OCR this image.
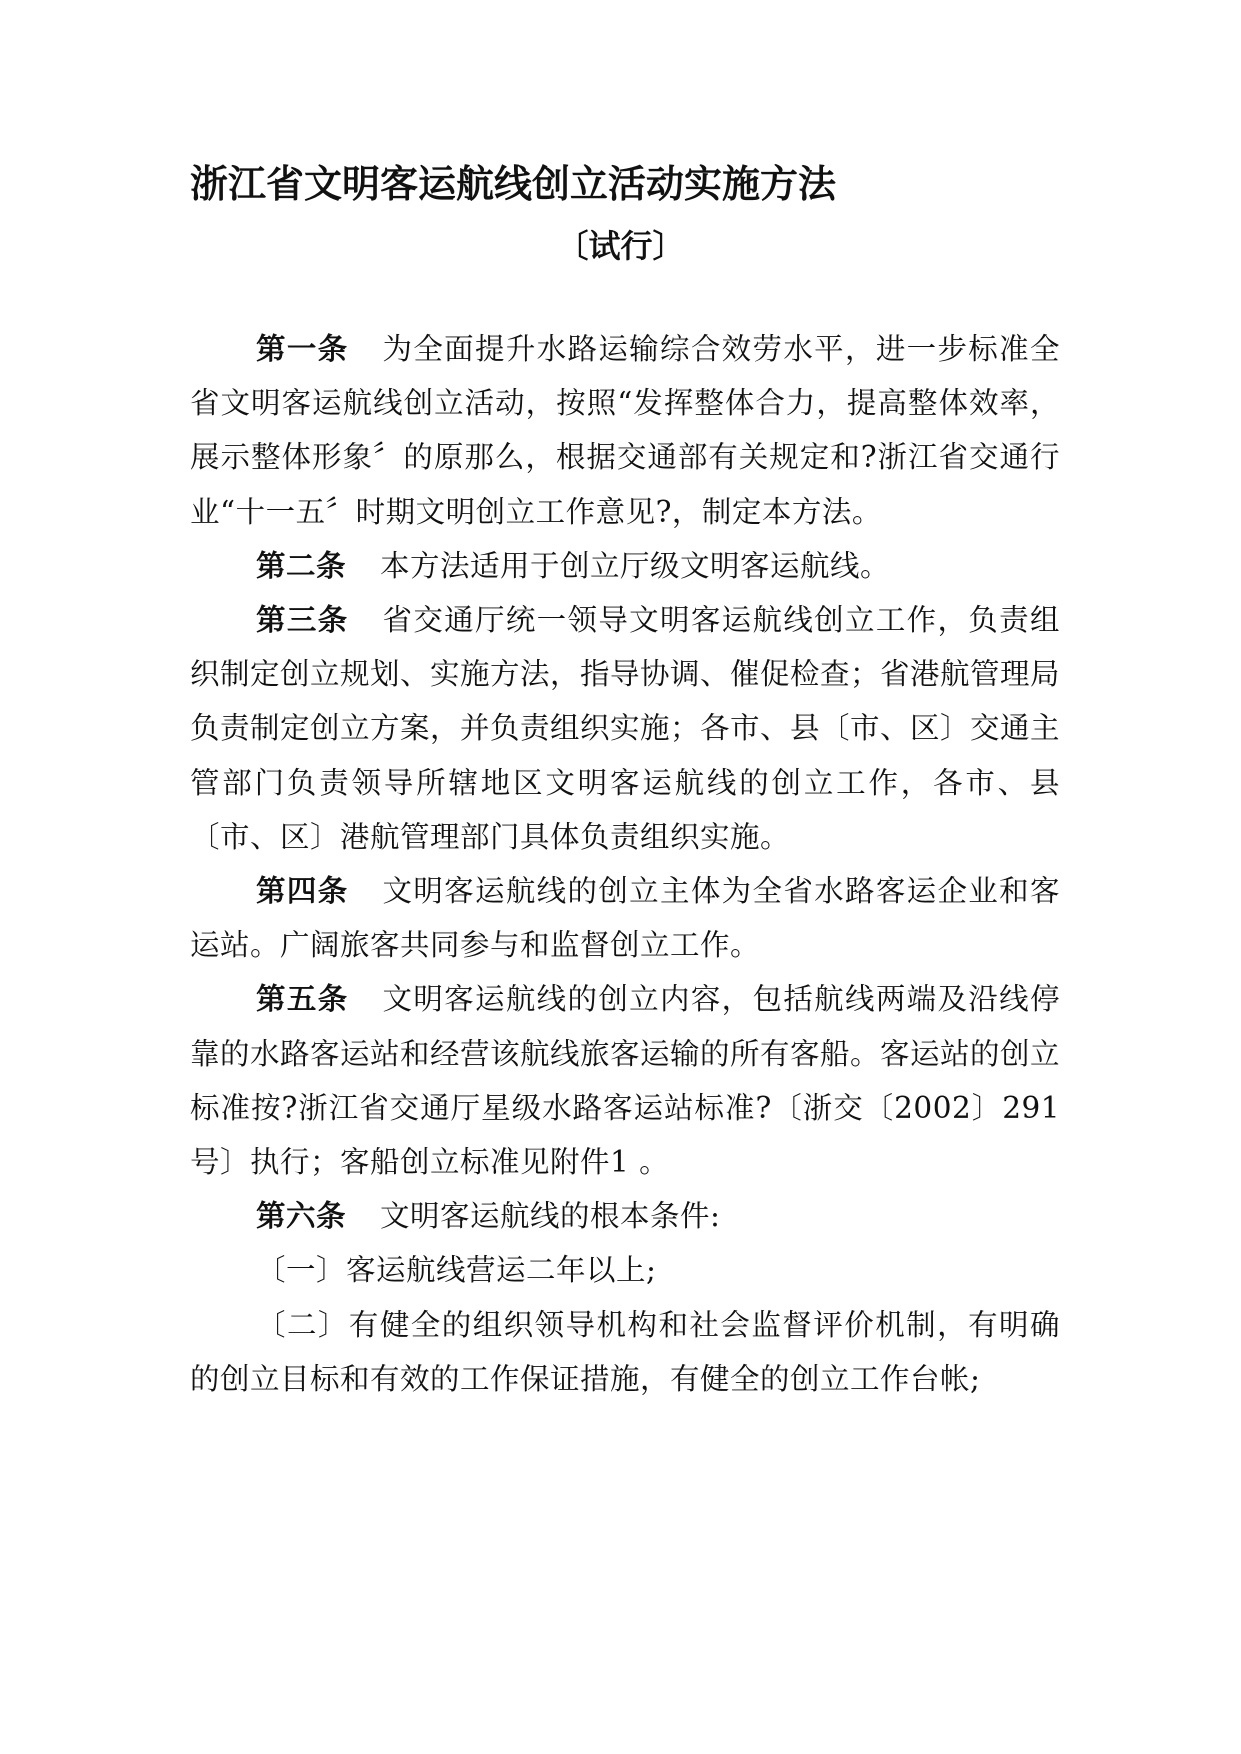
浙江省文明客运航线创立活动实施方法
〔试行〕

第一条 为全面提升水路运输综合效劳水平，进一步标准全省文明客运航线创立活动，按照“发挥整体合力，提高整体效率，展示整体形象〞的原那么，根据交通部有关规定和?浙江省交通行业“十一五〞时期文明创立工作意见?，制定本方法。

第二条 本方法适用于创立厅级文明客运航线。

第三条 省交通厅统一领导文明客运航线创立工作，负责组织制定创立规划、实施方法，指导协调、催促检查；省港航管理局负责制定创立方案，并负责组织实施；各市、县〔市、区〕交通主管部门负责领导所辖地区文明客运航线的创立工作，各市、县〔市、区〕港航管理部门具体负责组织实施。

第四条 文明客运航线的创立主体为全省水路客运企业和客运站。广阔旅客共同参与和监督创立工作。

第五条 文明客运航线的创立内容，包括航线两端及沿线停靠的水路客运站和经营该航线旅客运输的所有客船。客运站的创立标准按?浙江省交通厅星级水路客运站标准?〔浙交〔2002〕291号〕执行；客船创立标准见附件1 。

第六条 文明客运航线的根本条件:

〔一〕客运航线营运二年以上;

〔二〕有健全的组织领导机构和社会监督评价机制，有明确的创立目标和有效的工作保证措施，有健全的创立工作台帐;
